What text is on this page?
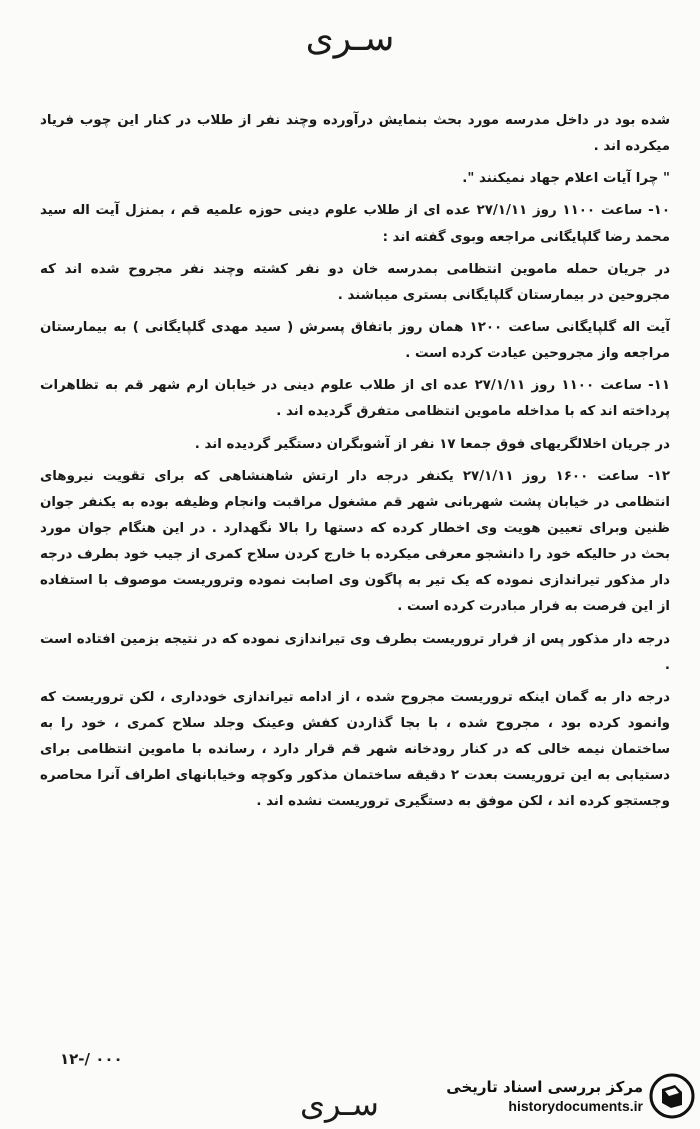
سـری

شده بود در داخل مدرسه مورد بحث بنمایش درآورده وچند نفر از طلاب در کنار این چوب فریاد میکرده اند .

" چرا آیات اعلام جهاد نمیکنند ".

۱۰- ساعت ۱۱۰۰ روز ۲۷/۱/۱۱ عده ای از طلاب علوم دینی حوزه علمیه قم ، بمنزل آیت اله سید محمد رضا گلپایگانی مراجعه وبوی گفته اند :

در جریان حمله ماموین انتظامی بمدرسه خان دو نفر کشته وچند نفر مجروح شده اند که مجروحین در بیمارستان گلپایگانی بستری میباشند .

آیت اله گلپایگانی ساعت ۱۲۰۰ همان روز باتفاق پسرش ( سید مهدی گلپایگانی ) به بیمارستان مراجعه واز مجروحین عیادت کرده است .

۱۱- ساعت ۱۱۰۰ روز ۲۷/۱/۱۱ عده ای از طلاب علوم دینی در خیابان ارم شهر قم به تظاهرات پرداخته اند که با مداخله ماموین انتظامی متفرق گردیده اند .

در جریان اخلالگریهای فوق جمعا ۱۷ نفر از آشوبگران دستگیر گردیده اند .

۱۲- ساعت ۱۶۰۰ روز ۲۷/۱/۱۱ یکنفر درجه دار ارتش شاهنشاهی که برای تقویت نیروهای انتظامی در خیابان پشت شهربانی شهر قم مشغول مراقبت وانجام وظیفه بوده به یکنفر جوان ظنین وبرای تعیین هویت وی اخطار کرده که دستها را بالا نگهدارد . در این هنگام جوان مورد بحث در حالیکه خود را دانشجو معرفی میکرده با خارج کردن سلاح کمری از جیب خود بطرف درجه دار مذکور تیراندازی نموده که یک تیر به پاگون وی اصابت نموده وتروریست موصوف با استفاده از این فرصت به فرار مبادرت کرده است .

درجه دار مذکور پس از فرار تروریست بطرف وی تیراندازی نموده که در نتیجه بزمین افتاده است .

درجه دار به گمان اینکه تروریست مجروح شده ، از ادامه تیراندازی خودداری ، لکن تروریست که وانمود کرده بود ، مجروح شده ، با بجا گذاردن کفش وعینک وجلد سلاح کمری ، خود را به ساختمان نیمه خالی که در کنار رودخانه شهر قم قرار دارد ، رسانده با ماموین انتظامی برای دستیابی به این تروریست بعدت ۲ دقیقه ساختمان مذکور وکوچه وخیابانهای اطراف آنرا محاصره وجستجو کرده اند ، لکن موفق به دستگیری تروریست نشده اند .

۱۲-/ ۰۰۰
سـری	مرکز بررسی اسناد تاریخی
historydocuments.ir
